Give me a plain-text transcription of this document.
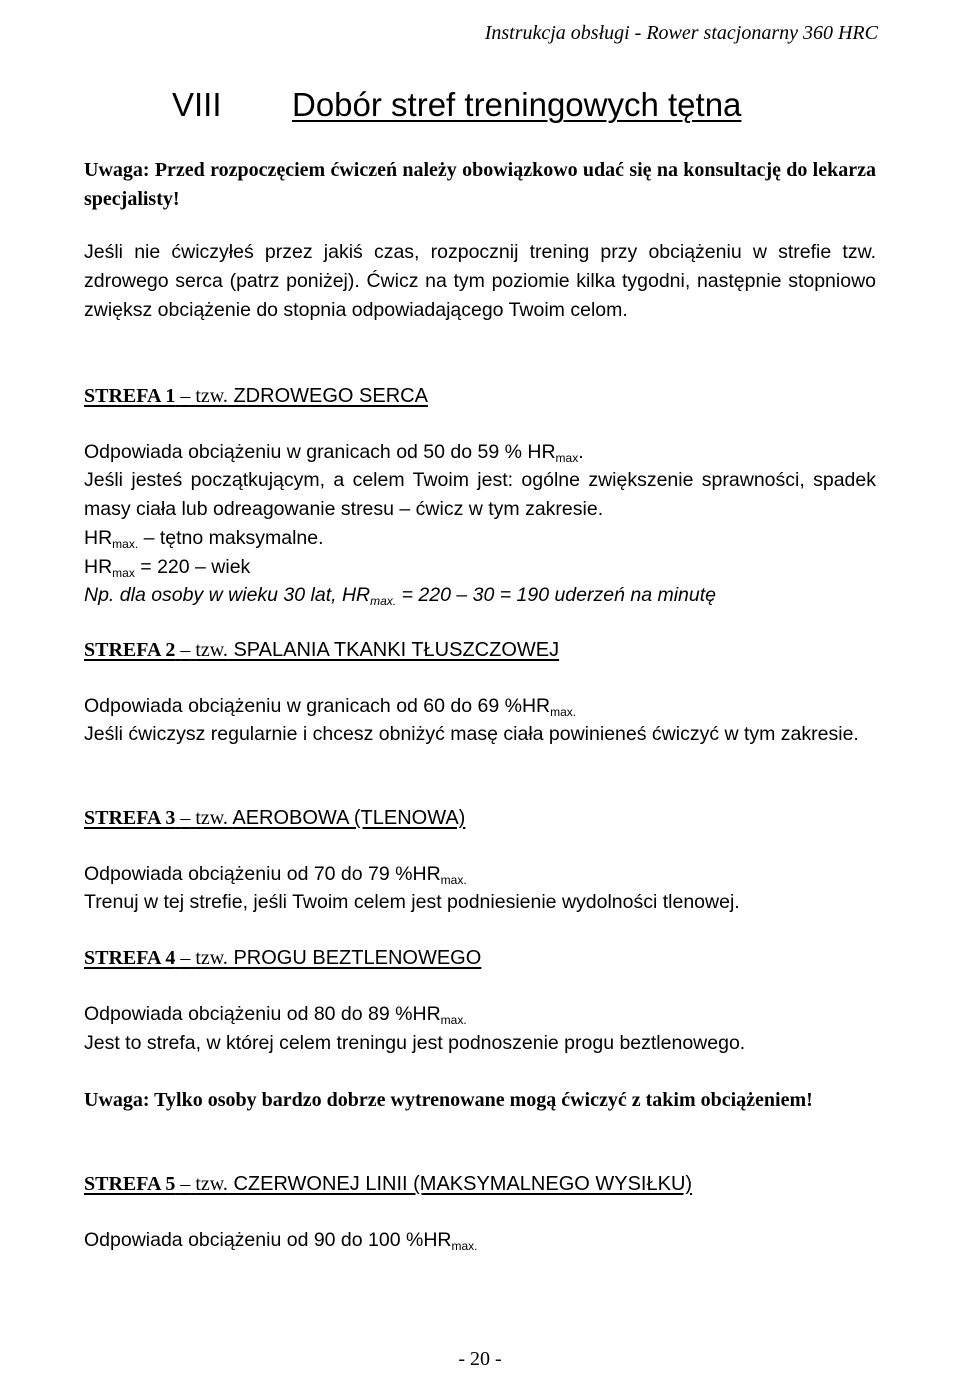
Instrukcja obsługi - Rower stacjonarny 360 HRC
VIII Dobór stref treningowych tętna
Uwaga: Przed rozpoczęciem ćwiczeń należy obowiązkowo udać się na konsultację do lekarza specjalisty!
Jeśli nie ćwiczyłeś przez jakiś czas, rozpocznij trening przy obciążeniu w strefie tzw. zdrowego serca (patrz poniżej). Ćwicz na tym poziomie kilka tygodni, następnie stopniowo zwiększ obciążenie do stopnia odpowiadającego Twoim celom.
STREFA 1 – tzw. ZDROWEGO SERCA
Odpowiada obciążeniu w granicach od 50 do 59 % $HR_{max}$.
Jeśli jesteś początkującym, a celem Twoim jest: ogólne zwiększenie sprawności, spadek masy ciała lub odreagowanie stresu – ćwicz w tym zakresie.
$HR_{max.}$ – tętno maksymalne.
$HR_{max} = 220$ – wiek
Np. dla osoby w wieku 30 lat, $HR_{max.} = 220 - 30 = 190$ uderzeń na minutę
STREFA 2 – tzw. SPALANIA TKANKI TŁUSZCZOWEJ
Odpowiada obciążeniu w granicach od 60 do 69 $\%HR_{max.}$
Jeśli ćwiczysz regularnie i chcesz obniżyć masę ciała powinieneś ćwiczyć w tym zakresie.
STREFA 3 – tzw. AEROBOWA (TLENOWA)
Odpowiada obciążeniu od 70 do 79 $\%HR_{max.}$
Trenuj w tej strefie, jeśli Twoim celem jest podniesienie wydolności tlenowej.
STREFA 4 – tzw. PROGU BEZTLENOWEGO
Odpowiada obciążeniu od 80 do 89 $\%HR_{max.}$
Jest to strefa, w której celem treningu jest podnoszenie progu beztlenowego.
Uwaga: Tylko osoby bardzo dobrze wytrenowane mogą ćwiczyć z takim obciążeniem!
STREFA 5 – tzw. CZERWONEJ LINII (MAKSYMALNEGO WYSIŁKU)
Odpowiada obciążeniu od 90 do 100 $\%HR_{max.}$
- 20 -
